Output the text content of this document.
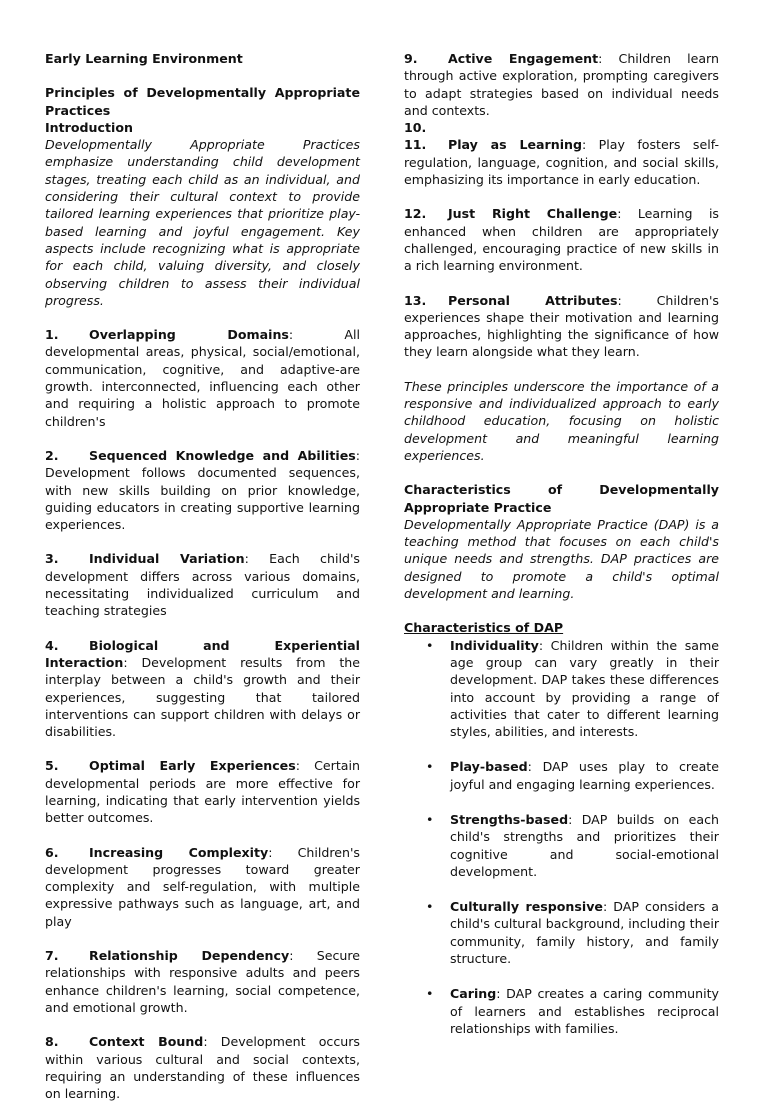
Early Learning Environment

Principles of Developmentally Appropriate Practices

Introduction

Developmentally Appropriate Practices emphasize understanding child development stages, treating each child as an individual, and considering their cultural context to provide tailored learning experiences that prioritize play-based learning and joyful engagement. Key aspects include recognizing what is appropriate for each child, valuing diversity, and closely observing children to assess their individual progress.

1. Overlapping Domains: All developmental areas, physical, social/emotional, communication, cognitive, and adaptive-are growth. interconnected, influencing each other and requiring a holistic approach to promote children's

2. Sequenced Knowledge and Abilities: Development follows documented sequences, with new skills building on prior knowledge, guiding educators in creating supportive learning experiences.

3. Individual Variation: Each child's development differs across various domains, necessitating individualized curriculum and teaching strategies

4. Biological and Experiential Interaction: Development results from the interplay between a child's growth and their experiences, suggesting that tailored interventions can support children with delays or disabilities.

5. Optimal Early Experiences: Certain developmental periods are more effective for learning, indicating that early intervention yields better outcomes.

6. Increasing Complexity: Children's development progresses toward greater complexity and self-regulation, with multiple expressive pathways such as language, art, and play

7. Relationship Dependency: Secure relationships with responsive adults and peers enhance children's learning, social competence, and emotional growth.

8. Context Bound: Development occurs within various cultural and social contexts, requiring an understanding of these influences on learning.

9. Active Engagement: Children learn through active exploration, prompting caregivers to adapt strategies based on individual needs and contexts.

10.

11. Play as Learning: Play fosters self-regulation, language, cognition, and social skills, emphasizing its importance in early education.

12. Just Right Challenge: Learning is enhanced when children are appropriately challenged, encouraging practice of new skills in a rich learning environment.

13. Personal Attributes: Children's experiences shape their motivation and learning approaches, highlighting the significance of how they learn alongside what they learn.

These principles underscore the importance of a responsive and individualized approach to early childhood education, focusing on holistic development and meaningful learning experiences.

Characteristics of Developmentally Appropriate Practice

Developmentally Appropriate Practice (DAP) is a teaching method that focuses on each child's unique needs and strengths. DAP practices are designed to promote a child's optimal development and learning.

Characteristics of DAP

• Individuality: Children within the same age group can vary greatly in their development. DAP takes these differences into account by providing a range of activities that cater to different learning styles, abilities, and interests.
• Play-based: DAP uses play to create joyful and engaging learning experiences.
• Strengths-based: DAP builds on each child's strengths and prioritizes their cognitive and social-emotional development.
• Culturally responsive: DAP considers a child's cultural background, including their community, family history, and family structure.
• Caring: DAP creates a caring community of learners and establishes reciprocal relationships with families.
